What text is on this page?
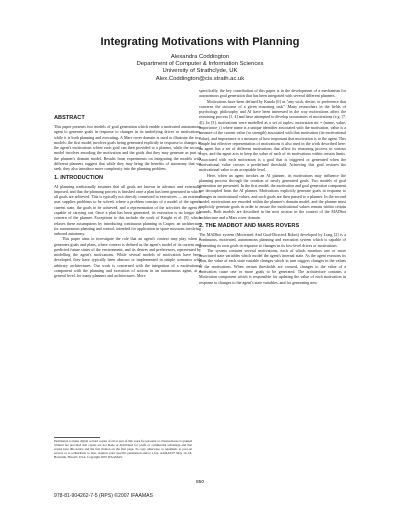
Integrating Motivations with Planning
Alexandra Coddington
Department of Computer & Information Sciences
University of Strathclyde, UK
Alex.Coddington@cis.strath.ac.uk
ABSTRACT

This paper presents two models of goal generation which enable a motivated autonomous agent to generate goals in response to changes in its underlying drives or motivations, while it is both planning and executing. A Mars rover domain is used to illustrate the two models: the first model involves goals being generated explicitly in response to changes in the agent's motivations where each goal can then provided to a planner, while the second model involves encoding the motivation and the goals that they may generate as part of the planner's domain model. Results from experiments on integrating the models with different planners suggest that while they may bring the benefits of autonomy that we seek, they also introduce more complexity into the planning problem.

1. INTRODUCTION

AI planning traditionally assumes that all goals are known in advance and externally imposed, and that the planning process is finished once a plan has been generated in which all goals are achieved. This is typically not directly connected to executives — an external user supplies problems to be solved, where a problem consists of a model of the agent's current state, the goals to be achieved, and a representation of the activities the agent is capable of carrying out. Once a plan has been generated, its execution is no longer the concern of the planner. Exceptions to this include the work of Knight et al. [5], which relaxes these assumptions by introducing continuous planning in Casper, an architecture for autonomous planning and control, intended for application in space missions involving onboard autonomy.

This paper aims to investigate the role that an agent's context may play when it generates goals and plans, where context is defined as the agent's model of its current and predicted future states of the environment, and its desires and preferences, represented by modelling the agent's motivations. While several models of motivation have been developed, they have typically been abstract or implemented in simple scenarios with arbitrary architectures. Our work is concerned with the integration of a motivational component with the planning and execution of actions in an autonomous agent, at a general level, for many planners and architectures. More

Permission to make digital or hard copies of all or part of this work for personal or classroom use is granted without fee provided that copies are not made or distributed for profit or commercial advantage and that copies bear this notice and the full citation on the first page. To copy otherwise, to republish, to post on servers or to redistribute to lists, requires prior specific permission and/or a fee. AAMAS'07 May 14–18, Honolulu, Hawai'i, USA. Copyright 2007 IFAAMAS.

specifically, the key contribution of this paper is in the development of a mechanism for autonomous goal generation that has been integrated with several different planners.

Motivations have been defined by Kunda [6] as "any wish, desire, or preference that concerns the outcome of a given reasoning task". Many researchers in the fields of psychology, philosophy and AI have been interested in the way motivations affect the reasoning process [1, 4] and have attempted to develop taxonomies of motivations (e.g. [7, 4]). In [3], motivations were modelled as a set of tuples: motivation mi = (name, value, importance_i) where name is a unique identifier associated with the motivation, value is a measure of the current value (or strength) associated with that motivation (its motivational value), and importance is a measure of how important that motivation is to the agent. This simple but effective representation of motivations is also used in the work described here: an agent has a set of different motivations that affect its reasoning process in various ways, and the agent acts to keep the value of each of its motivations within certain limits. Associated with each motivation is a goal that is triggered or generated when the motivational value crosses a predefined threshold. Achieving this goal restores the motivational value to an acceptable level.

Here, when an agent invokes an AI planner, its motivations may influence the planning process through the creation of newly generated goals. Two models of goal generation are presented. In the first model, the motivation and goal generation component are decoupled from the AI planner. Motivations explicitly generate goals in response to changes in motivational values, and such goals are then passed to a planner. In the second model, motivations are encoded within the planner's domain model, and the planner must implicitly generate goals in order to ensure the motivational values remain within certain bounds. Both models are described in the next section in the context of the MADbot architecture and a Mars rover domain.

2. THE MADBOT AND MARS ROVERS

The MADbot system (Motivated And Goal-Directed Robot) developed by Long [2] is a continuous, motivated, autonomous planning and execution system which is capable of generating its own goals in response to changes in its low-level drives or motivations.

The system contains several motivations, each of which monitors one or more associated state variables which model the agent's internal state. As the agent executes its plan, the value of each state variable changes which in turn triggers changes in the values of the motivations. When certain thresholds are crossed, changes to the value of a motivation cause one or more goals to be generated. The architecture contains a Motivation component which is responsible for updating the value of each motivation in response to changes to the agent's state variables, and for generating new

850
978-81-904262-7-5 (RPS) ©2007 IFAAMAS
